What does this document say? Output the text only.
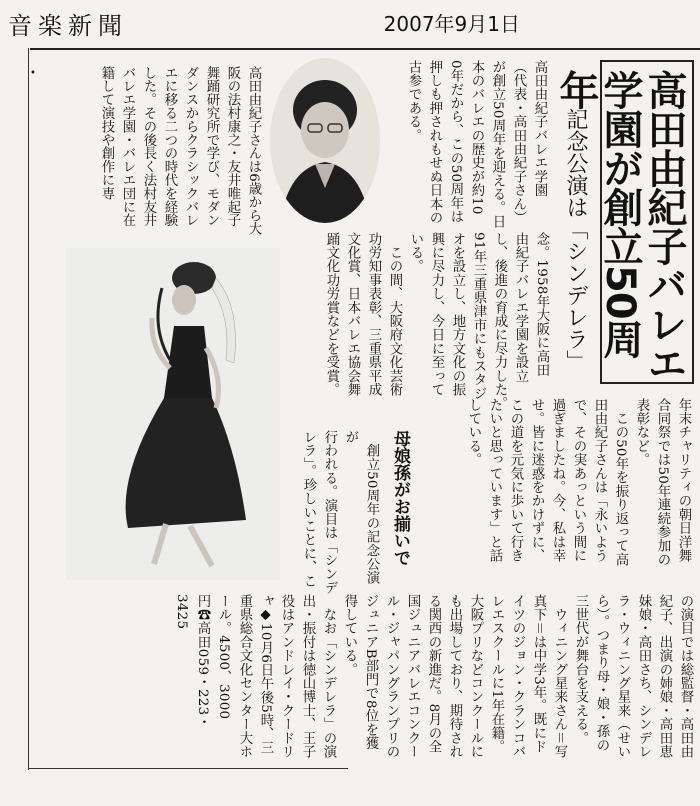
音楽新聞	2007年9月1日
•	高田由紀子バレエ
学園が創立50周年
記念公演は「シンデレラ」
高田由紀子バレエ学園
（代表・高田由紀子さん）
が創立50周年を迎える。日
本のバレエの歴史が約10
0年だから、この50周年は
押しも押されもせぬ日本の
古参である。
高田由紀子さんは6歳から大阪の法村康之・友井唯起子舞踊研究所で学び、モダンダンスからクラシックバレエに移る二つの時代を経験した。その後長く法村友井バレエ学園・バレエ団に在籍して演技や創作に専
念。1958年大阪に高田
由紀子バレエ学園を設立
し、後進の育成に尽力した。
91年三重県津市にもスタジ
オを設立し、地方文化の振
興に尽力し、今日に至って
いる。
　この間、大阪府文化芸術
功労知事表彰、三重県平成
文化賞、日本バレエ協会舞
踊文化功労賞などを受賞。
年末チャリティの朝日洋舞
合同祭では50年連続参加の
表彰など。
　この50年を振り返って高
田由紀子さんは「永いよう
で、その実あっという間に
過ぎましたね。今、私は幸
せ。皆に迷惑をかけずに、
この道を元気に歩いて行き
たいと思っています」と話
している。
母娘孫がお揃いで
　創立50周年の記念公演が
行われる。演目は「シンデ
レラ」。珍しいことに、こ
の演目では総監督・高田由
紀子、出演の姉娘・高田恵
妹娘・高田さち、シンデレ
ラ・ウィニング星来（せい
ら）。つまり母・娘・孫の
三世代が舞台を支える。
　ウィニング星来さん＝写
真下＝は中学3年。既にド
イツのジョン・クランコバ
レエスクールに1年在籍。
大阪プリなどコンクールに
も出場しており、期待され
る関西の新進だ。8月の全
国ジュニアバレエコンクー
ル・ジャパングランプリの
ジュニアB部門で8位を獲
得している。
　なお「シンデレラ」の演
出・振付は徳山博士、王子
役はアンドレイ・クードリ
ャ◆10月6日午後5時、三
重県総合文化センター大ホ
ール。4500、3000
円☎高田059・223・
3425
